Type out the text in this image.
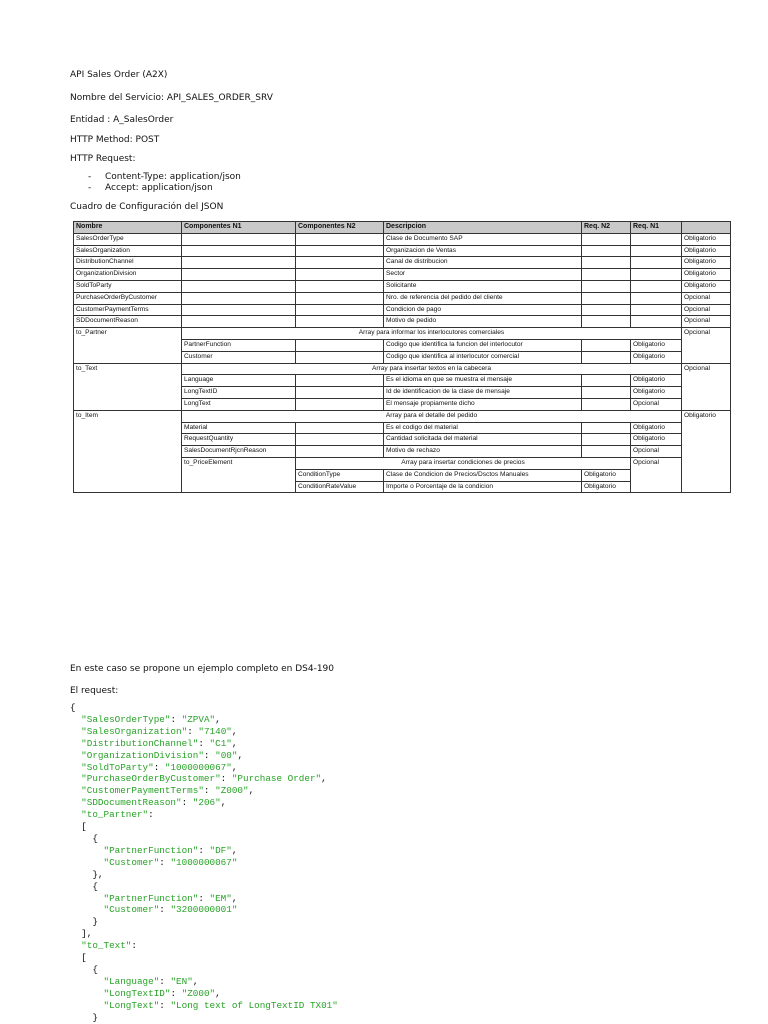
API Sales Order (A2X)
Nombre del Servicio: API_SALES_ORDER_SRV
Entidad : A_SalesOrder
HTTP Method: POST
HTTP Request:
- Content-Type: application/json
- Accept: application/json
Cuadro de Configuración del JSON
Nombre	Componentes N1	Componentes N2	Descripcion	Req. N2	Req. N1	
SalesOrderType			Clase de Documento SAP			Obligatorio
SalesOrganization			Organizacion de Ventas			Obligatorio
DistributionChannel			Canal de distribucion			Obligatorio
OrganizationDivision			Sector			Obligatorio
SoldToParty			Solicitante			Obligatorio
PurchaseOrderByCustomer			Nro. de referencia del pedido del cliente			Opcional
CustomerPaymentTerms			Condicion de pago			Opcional
SDDocumentReason			Motivo de pedido			Opcional
to_Partner	Array para informar los interlocutores comerciales					Opcional
	PartnerFunction		Codigo que identifica la funcion del interlocutor		Obligatorio	
	Customer		Codigo que identifica al interlocutor comercial		Obligatorio	
to_Text	Array para insertar textos en la cabecera					Opcional
	Language		Es el idioma en que se muestra el mensaje		Obligatorio	
	LongTextID		Id de identificacion de la clase de mensaje		Obligatorio	
	LongText		El mensaje propiamente dicho		Opcional	
to_Item	Array para el detalle del pedido					Obligatorio
	Material		Es el codigo del material		Obligatorio	
	RequestQuantity		Cantidad solicitada del material		Obligatorio	
	SalesDocumentRjcnReason		Motivo de rechazo		Opcional	
	to_PriceElement	Array para insertar condiciones de precios			Opcional	
		ConditionType	Clase de Condicion de Precios/Dsctos Manuales	Obligatorio		
		ConditionRateValue	Importe o Porcentaje de la condicion	Obligatorio		
En este caso se propone un ejemplo completo en DS4-190
El request:
{
"SalesOrderType": "ZPVA",
"SalesOrganization": "7140",
"DistributionChannel": "C1",
"OrganizationDivision": "00",
"SoldToParty": "1000000067",
"PurchaseOrderByCustomer": "Purchase Order",
"CustomerPaymentTerms": "Z000",
"SDDocumentReason": "206",
"to_Partner":
[
{
"PartnerFunction": "DF",
"Customer": "1000000067"
},
{
"PartnerFunction": "EM",
"Customer": "3200000001"
}
],
"to_Text":
[
{
"Language": "EN",
"LongTextID": "Z000",
"LongText": "Long text of LongTextID TX01"
}
